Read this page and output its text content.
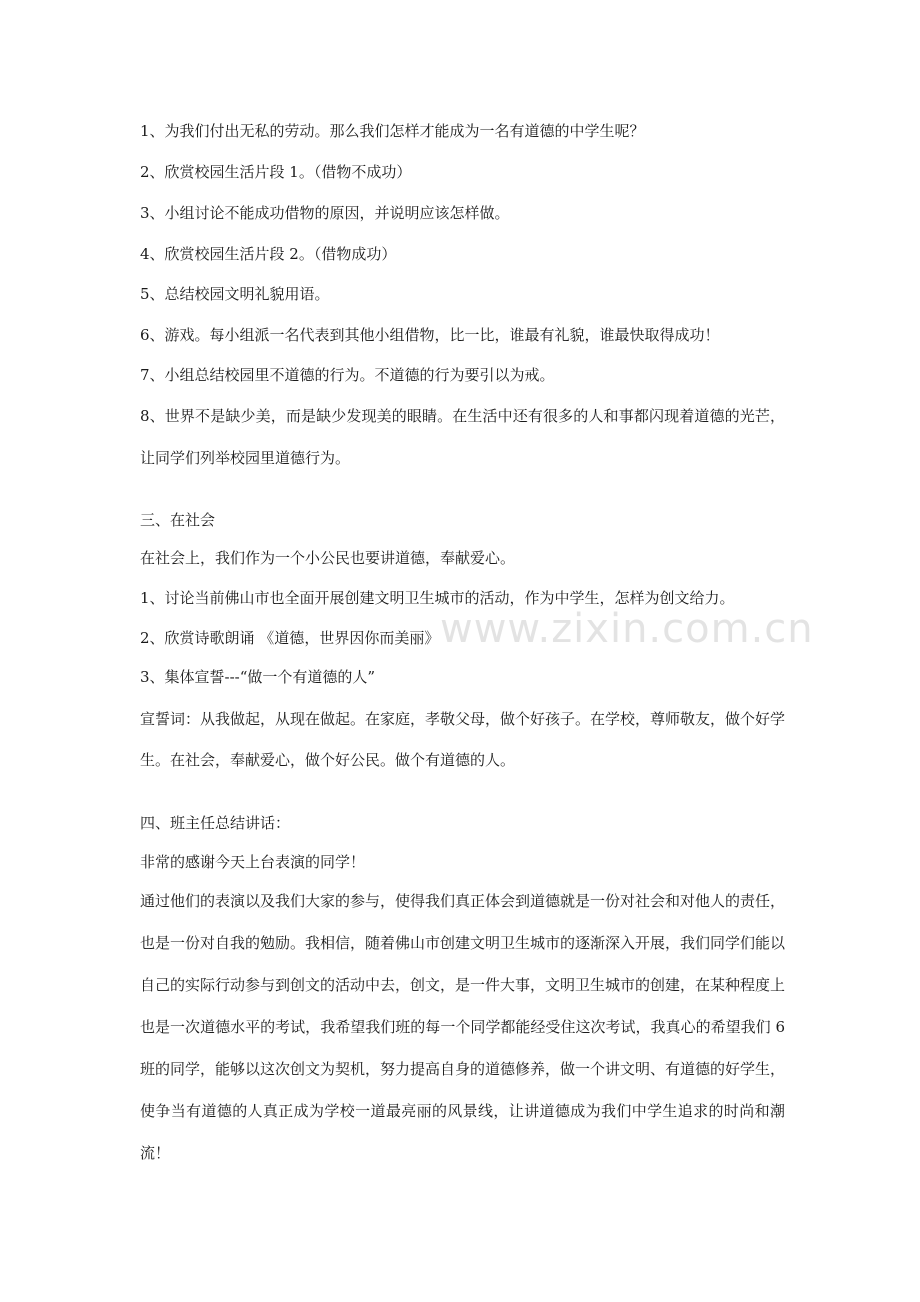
www.zixin.com.cn

1、为我们付出无私的劳动。那么我们怎样才能成为一名有道德的中学生呢？

2、欣赏校园生活片段 1。（借物不成功）

3、小组讨论不能成功借物的原因，并说明应该怎样做。

4、欣赏校园生活片段 2。（借物成功）

5、总结校园文明礼貌用语。

6、游戏。每小组派一名代表到其他小组借物，比一比，谁最有礼貌，谁最快取得成功！

7、小组总结校园里不道德的行为。不道德的行为要引以为戒。

8、世界不是缺少美，而是缺少发现美的眼睛。在生活中还有很多的人和事都闪现着道德的光芒，让同学们列举校园里道德行为。

三、在社会

在社会上，我们作为一个小公民也要讲道德，奉献爱心。

1、讨论当前佛山市也全面开展创建文明卫生城市的活动，作为中学生，怎样为创文给力。

2、欣赏诗歌朗诵 《道德，世界因你而美丽》

3、集体宣誓---“做一个有道德的人”

宣誓词：从我做起，从现在做起。在家庭，孝敬父母，做个好孩子。在学校，尊师敬友，做个好学生。在社会，奉献爱心，做个好公民。做个有道德的人。

四、班主任总结讲话：

非常的感谢今天上台表演的同学！

通过他们的表演以及我们大家的参与，使得我们真正体会到道德就是一份对社会和对他人的责任，也是一份对自我的勉励。我相信，随着佛山市创建文明卫生城市的逐渐深入开展，我们同学们能以自己的实际行动参与到创文的活动中去，创文，是一件大事，文明卫生城市的创建，在某种程度上也是一次道德水平的考试，我希望我们班的每一个同学都能经受住这次考试，我真心的希望我们 6 班的同学，能够以这次创文为契机，努力提高自身的道德修养，做一个讲文明、有道德的好学生，使争当有道德的人真正成为学校一道最亮丽的风景线，让讲道德成为我们中学生追求的时尚和潮流！
